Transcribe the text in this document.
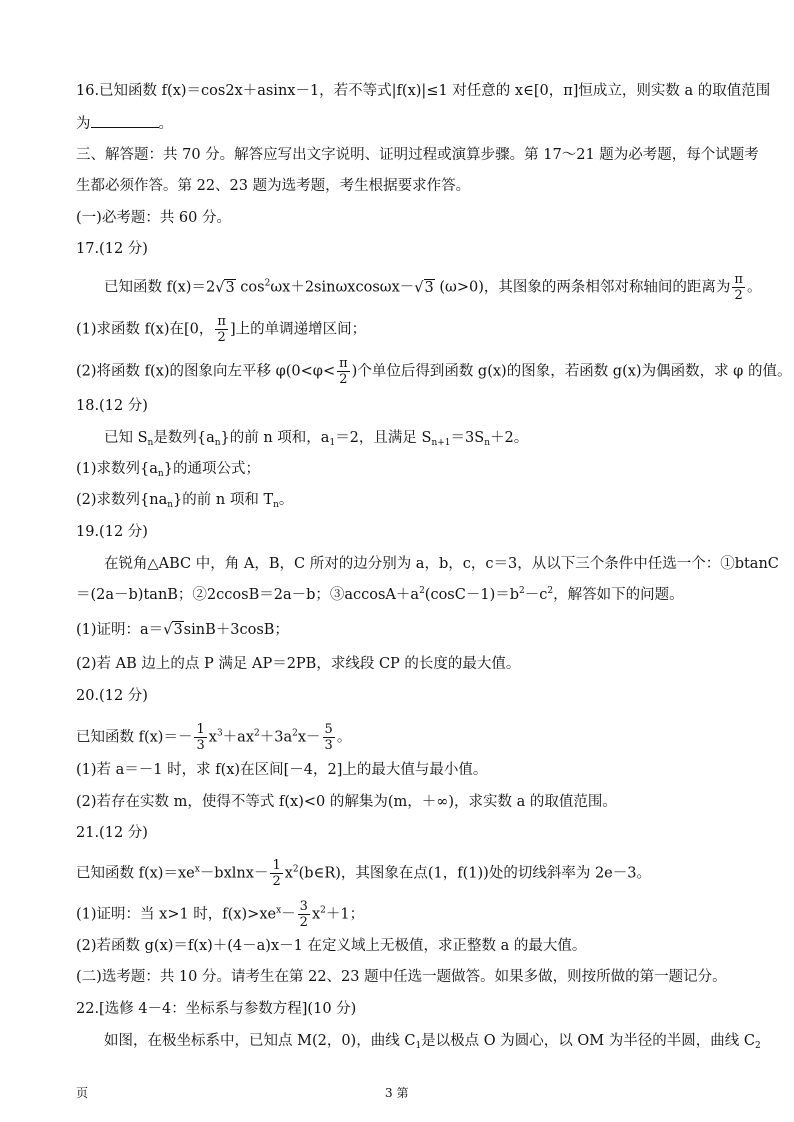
16.已知函数 f(x)＝cos2x＋asinx－1，若不等式|f(x)|≤1 对任意的 x∈[0，π]恒成立，则实数 a 的取值范围
为	。
三、解答题：共 70 分。解答应写出文字说明、证明过程或演算步骤。第 17～21 题为必考题，每个试题考
生都必须作答。第 22、23 题为选考题，考生根据要求作答。
(一)必考题：共 60 分。
17.(12 分)
已知函数 f(x)＝2√3 $\cos^2\omega x+2\sin\omega xcos\omega x-√3$ (ω>0)，其图象的两条相邻对称轴间的距离为 $\frac{\pi}{2}$ 。
(1)求函数 f(x)在[0， $\frac{\pi}{2}$ ]上的单调递增区间；
(2)将函数 f(x)的图象向左平移 $\varphi(0<\varphi< \frac{\pi}{2}$ )个单位后得到函数 g(x)的图象，若函数 g(x)为偶函数，求 φ 的值。
18.(12 分)
已知 $S_n$是数列$\{a_n\}$的前 n 项和，$a_1=2$，且满足 $S_{n+1}=3S_n+2$。
(1)求数列$\{a_n\}$的通项公式；
(2)求数列$\{na_n\}$的前 n 项和 $T_n$。
19.(12 分)
在锐角△ABC 中，角 A，B，C 所对的边分别为 a，b，c，c＝3，从以下三个条件中任选一个：①btanC
＝(2a－b)tanB；②2ccosB＝2a－b；$③accosA+a^2(\cos C-1)=b^2-c^2$，解答如下的问题。
(1)证明：a＝√3sinB＋3cosB；
(2)若 AB 边上的点 P 满足 AP＝2PB，求线段 CP 的长度的最大值。
20.(12 分)
已知函数 $f(x)=- \frac{1}{3} x^3+ax^2+3a^2x- \frac{5}{3}$ 。
(1)若 a＝－1 时，求 f(x)在区间[－4，2]上的最大值与最小值。
(2)若存在实数 m，使得不等式 f(x)<0 的解集为(m，＋∞)，求实数 a 的取值范围。
21.(12 分)
已知函数 $f(x)=xe^x-bxlnx- \frac{1}{2}$ $x^2(b\in R)$，其图象在点(1，f(1))处的切线斜率为 2e－3。
(1)证明：当 x>1 时，$f(x)>xe^x- \frac{3}{2} x^2+1$；
(2)若函数 g(x)＝f(x)＋(4－a)x－1 在定义域上无极值，求正整数 a 的最大值。
(二)选考题：共 10 分。请考生在第 22、23 题中任选一题做答。如果多做，则按所做的第一题记分。
22.[选修 4－4：坐标系与参数方程](10 分)
如图，在极坐标系中，已知点 M(2，0)，曲线 $C_1$是以极点 O 为圆心，以 OM 为半径的半圆，曲线 $C_2$
页	3 第
